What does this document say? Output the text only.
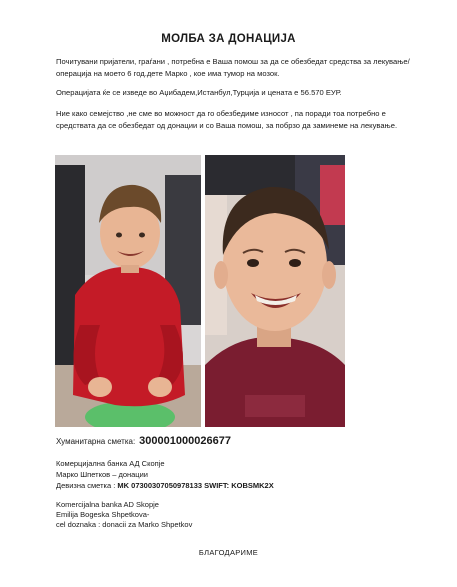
МОЛБА ЗА ДОНАЦИЈА
Почитувани пријатели, граѓани , потребна е Ваша помош за да се обезбедат средства за лекување/операција на моето 6 год.дете Марко , кое има тумор на мозок.
Операцијата ќе се изведе во Аџибадем,Истанбул,Турција и цената е 56.570 ЕУР.
Ние како семејство ,не сме во можност да го обезбедиме износот , па поради тоа потребно е средствата да се обезбедат од донации и со Ваша помош, за побрзо да заминеме на лекување.
Хуманитарна сметка: 300001000026677
Комерцијална банка АД Скопје
Марко Шпетков – донации
Девизна сметка : MK 07300307050978133 SWIFT: KOBSMK2X
Komercijalna banka AD Skopje
Emilija Bogeska Shpetkova-
cel doznaka : donacii za Marko Shpetkov
БЛАГОДАРИМЕ
